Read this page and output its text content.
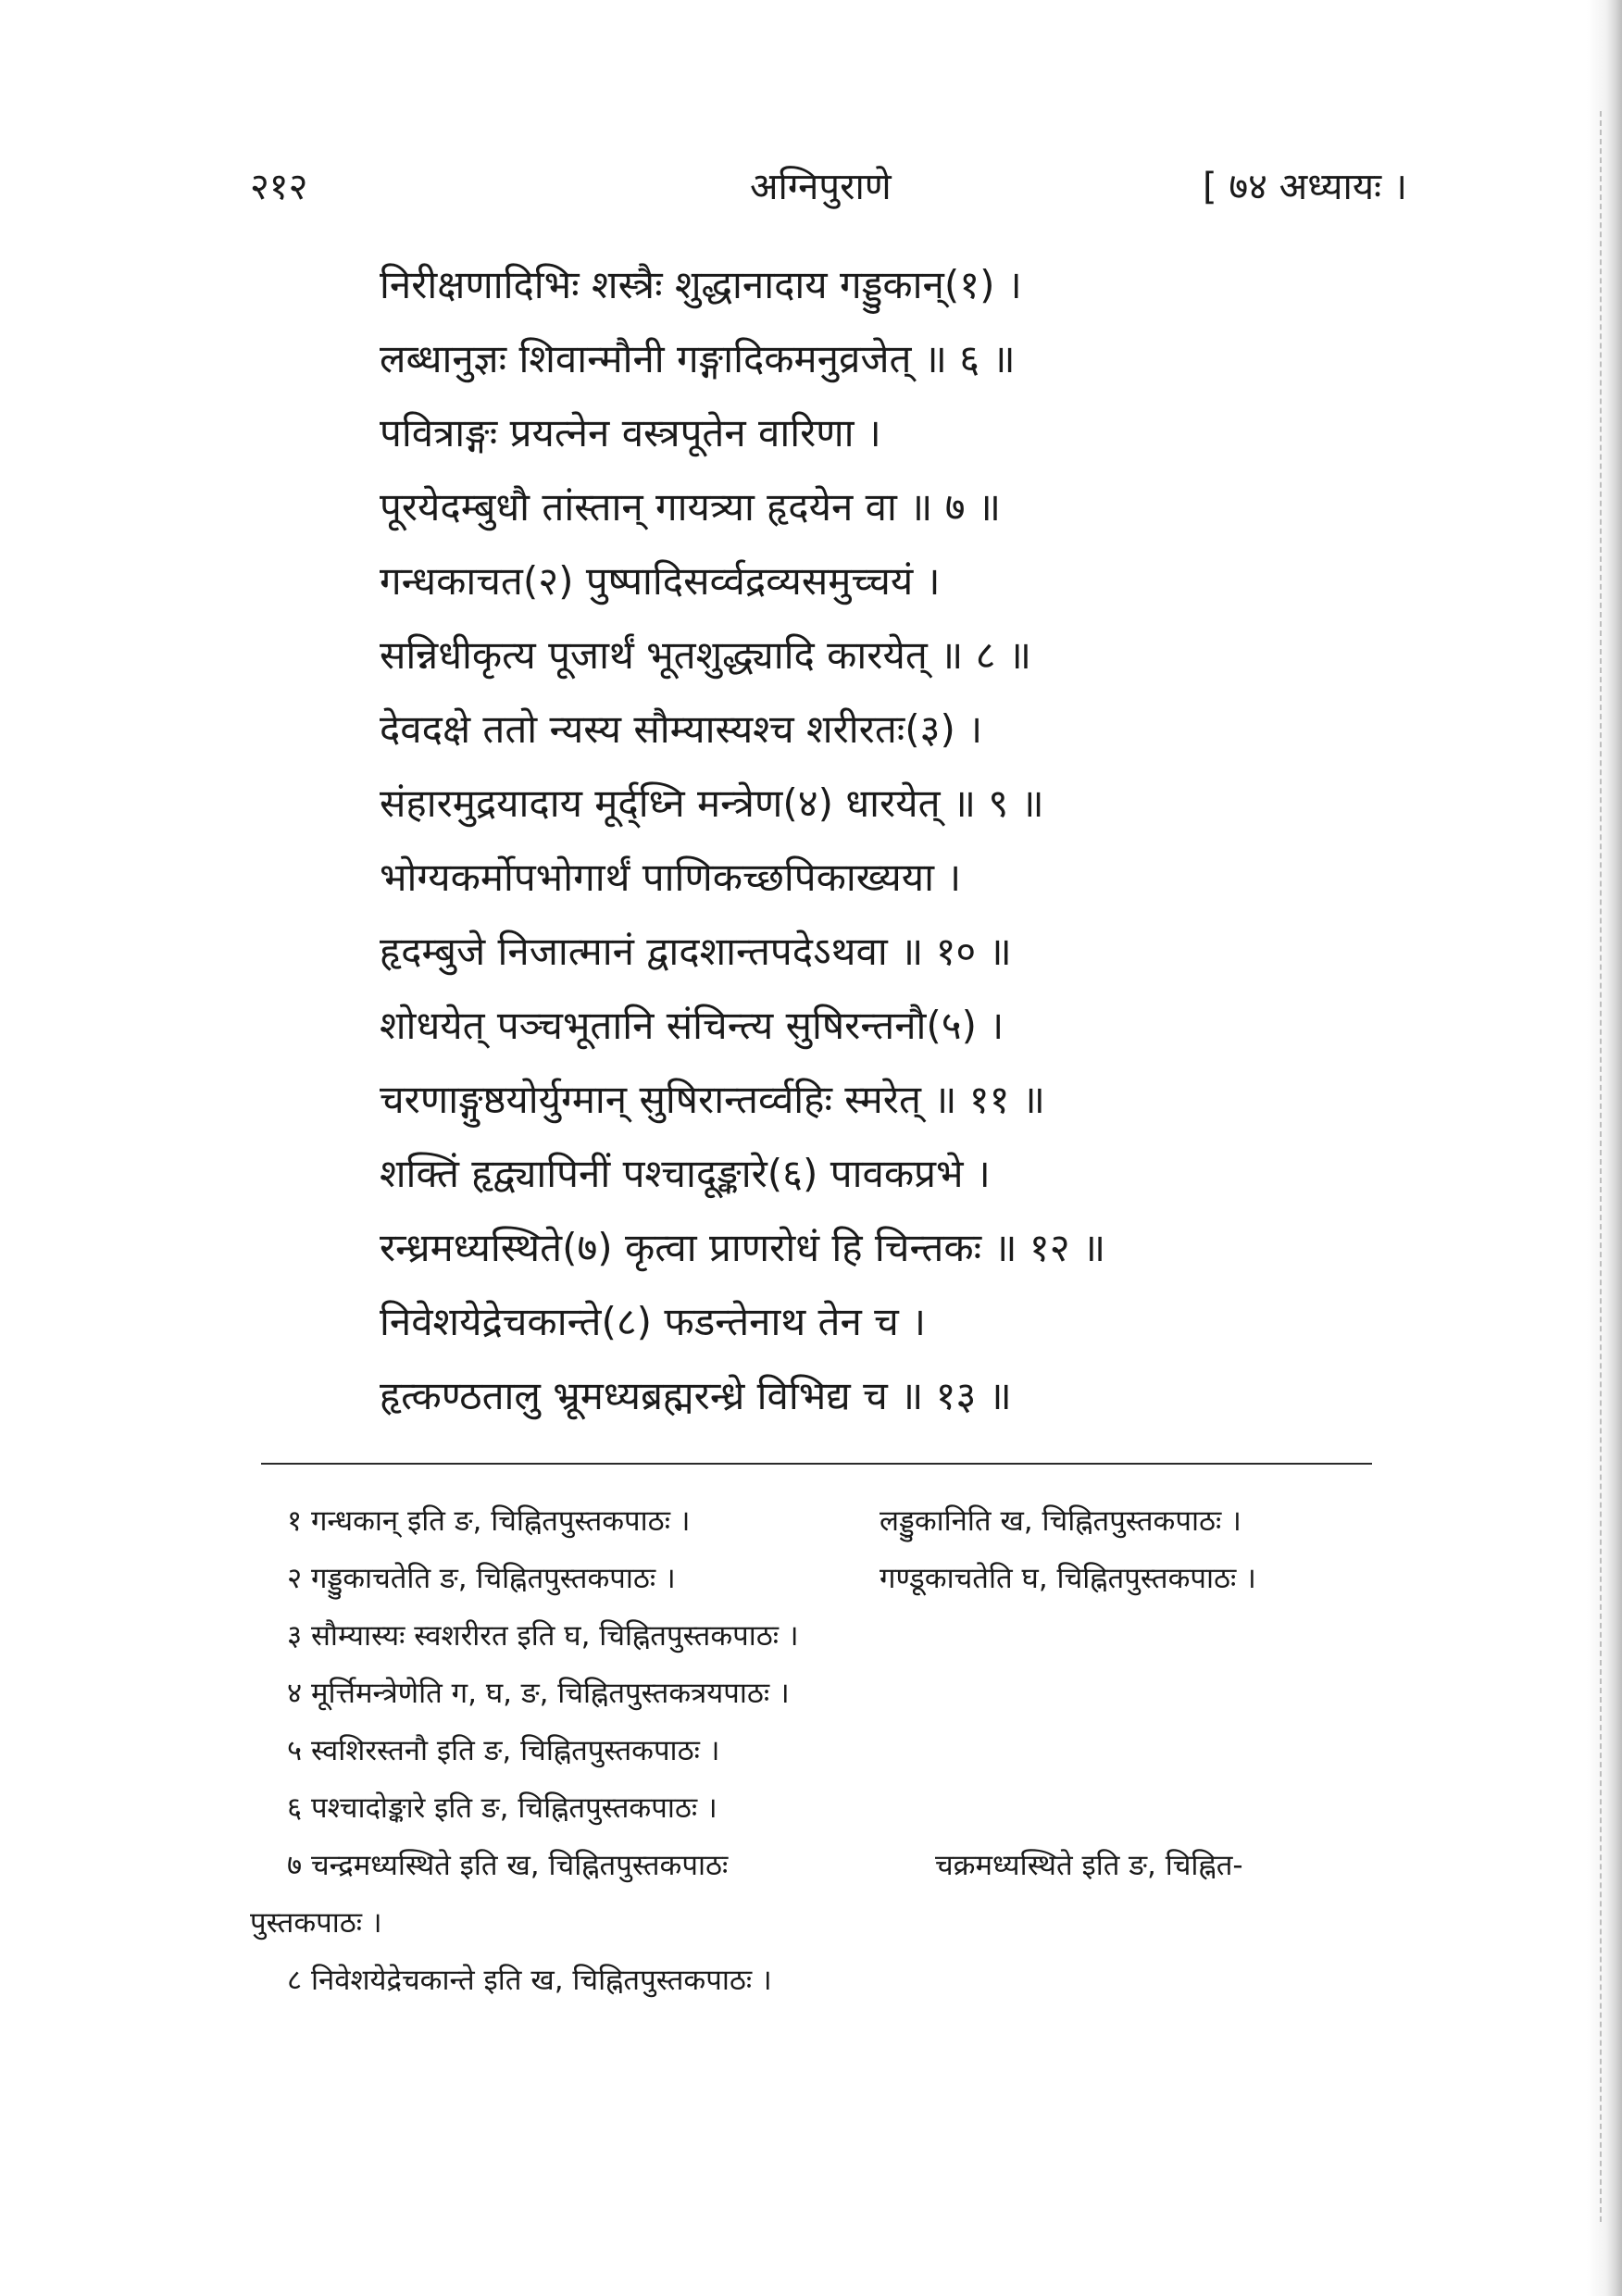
२१२	अग्निपुराणे	[ ७४ अध्यायः ।
निरीक्षणादिभिः शस्त्रैः शुद्धानादाय गड्डुकान्(१) ।
लब्धानुज्ञः शिवान्मौनी गङ्गादिकमनुव्रजेत् ॥ ६ ॥
पवित्राङ्गः प्रयत्नेन वस्त्रपूतेन वारिणा ।
पूरयेदम्बुधौ तांस्तान् गायत्र्या हृदयेन वा ॥ ७ ॥
गन्धकाचत(२) पुष्पादिसर्व्वद्रव्यसमुच्चयं ।
सन्निधीकृत्य पूजार्थं भूतशुद्ध्यादि कारयेत् ॥ ८ ॥
देवदक्षे ततो न्यस्य सौम्यास्यश्च शरीरतः(३) ।
संहारमुद्रयादाय मूर्द्ध्नि मन्त्रेण(४) धारयेत् ॥ ९ ॥
भोग्यकर्मोपभोगार्थं पाणिकच्छपिकाख्यया ।
हृदम्बुजे निजात्मानं द्वादशान्तपदेऽथवा ॥ १० ॥
शोधयेत् पञ्चभूतानि संचिन्त्य सुषिरन्तनौ(५) ।
चरणाङ्गुष्ठयोर्युग्मान् सुषिरान्तर्व्वहिः स्मरेत् ॥ ११ ॥
शक्तिं हृद्व्यापिनीं पश्चादूङ्कारे(६) पावकप्रभे ।
रन्ध्रमध्यस्थिते(७) कृत्वा प्राणरोधं हि चिन्तकः ॥ १२ ॥
निवेशयेद्रेचकान्ते(८) फडन्तेनाथ तेन च ।
हृत्कण्ठतालु भ्रूमध्यब्रह्मरन्ध्रे विभिद्य च ॥ १३ ॥
१ गन्धकान् इति ङ, चिह्नितपुस्तकपाठः ।	लड्डुकानिति ख, चिह्नितपुस्तकपाठः ।
२ गड्डुकाचतेति ङ, चिह्नितपुस्तकपाठः ।	गण्डूकाचतेति घ, चिह्नितपुस्तकपाठः ।
३ सौम्यास्यः स्वशरीरत इति घ, चिह्नितपुस्तकपाठः ।
४ मूर्त्तिमन्त्रेणेति ग, घ, ङ, चिह्नितपुस्तकत्रयपाठः ।
५ स्वशिरस्तनौ इति ङ, चिह्नितपुस्तकपाठः ।
६ पश्चादोङ्कारे इति ङ, चिह्नितपुस्तकपाठः ।
७ चन्द्रमध्यस्थिते इति ख, चिह्नितपुस्तकपाठः	चक्रमध्यस्थिते इति ङ, चिह्नित-
पुस्तकपाठः ।
८ निवेशयेद्रेचकान्ते इति ख, चिह्नितपुस्तकपाठः ।
